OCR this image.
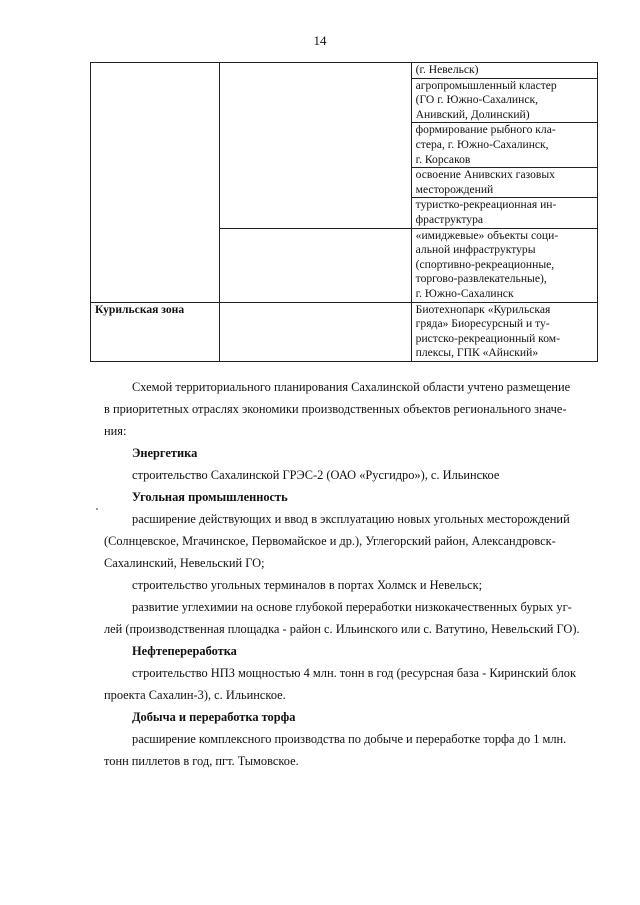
14

		(г. Невельск)

		агропромышленный кластер
(ГО г. Южно-Сахалинск,
Анивский, Долинский)

		формирование рыбного кла-
стера, г. Южно-Сахалинск,
г. Корсаков

		освоение Анивских газовых
месторождений

		туристко-рекреационная ин-
фраструктура

		«имиджевые» объекты соци-
альной инфраструктуры
(спортивно-рекреационные,
торгово-развлекательные),
г. Южно-Сахалинск

Курильская зона		Биотехнопарк «Курильская
гряда» Биоресурсный и ту-
ристско-рекреационный ком-
плексы, ГПК «Айнский»

Схемой территориального планирования Сахалинской области учтено размещение

в приоритетных отраслях экономики производственных объектов регионального значе-

ния:

Энергетика

строительство Сахалинской ГРЭС-2 (ОАО «Русгидро»), с. Ильинское

Угольная промышленность

расширение действующих и ввод в эксплуатацию новых угольных месторождений

(Солнцевское, Мгачинское, Первомайское и др.), Углегорский район, Александровск-

Сахалинский, Невельский ГО;

строительство угольных терминалов в портах Холмск и Невельск;

развитие углехимии на основе глубокой переработки низкокачественных бурых уг-

лей (производственная площадка - район с. Ильинского или с. Ватутино, Невельский ГО).

Нефтепереработка

строительство НПЗ мощностью 4 млн. тонн в год (ресурсная база - Киринский блок

проекта Сахалин-3), с. Ильинское.

Добыча и переработка торфа

расширение комплексного производства по добыче и переработке торфа до 1 млн.

тонн пиллетов в год, пгт. Тымовское.
